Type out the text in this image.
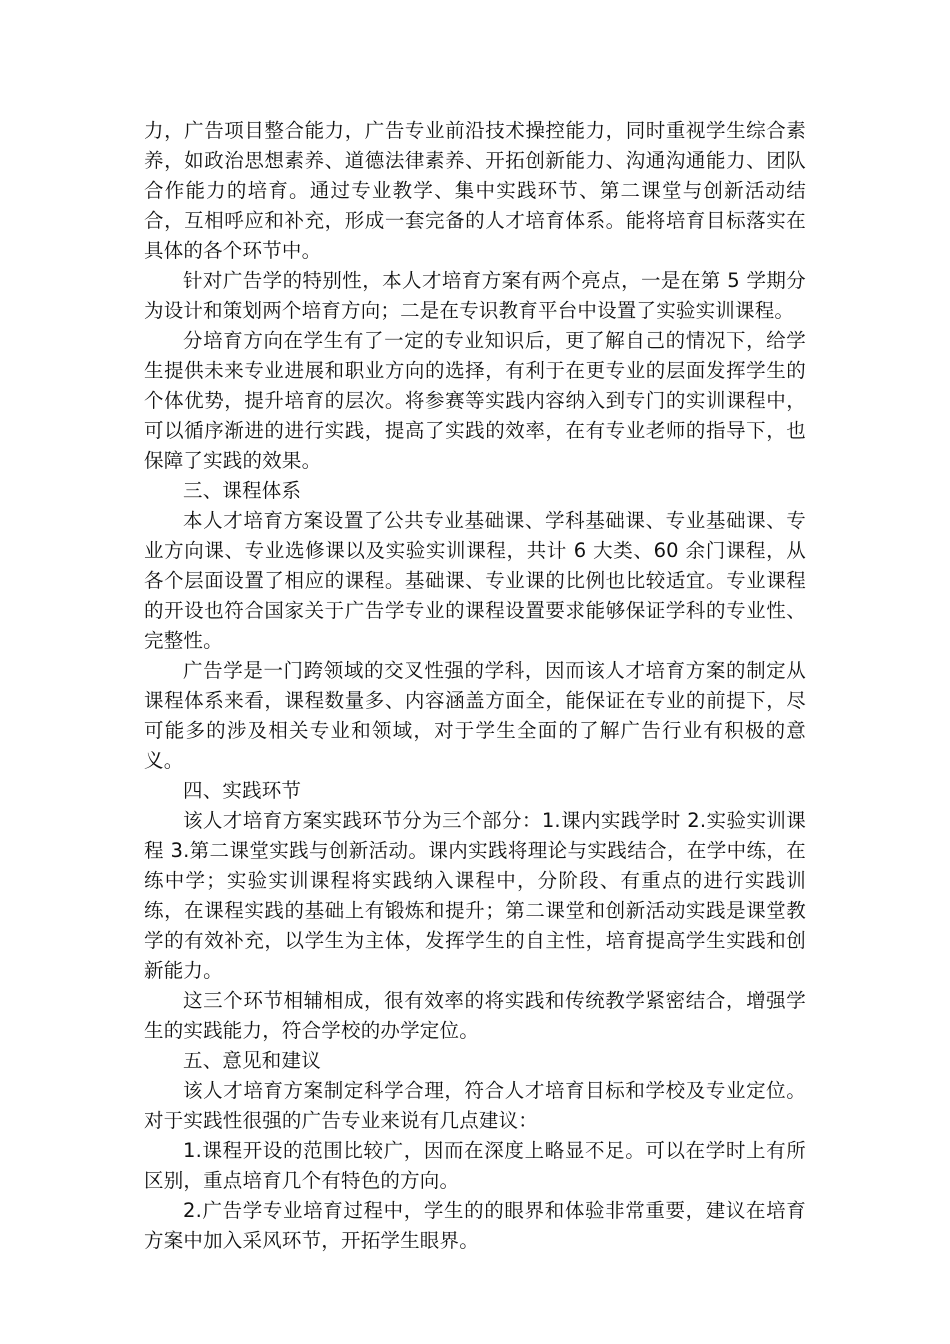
力，广告项目整合能力，广告专业前沿技术操控能力，同时重视学生综合素养，如政治思想素养、道德法律素养、开拓创新能力、沟通沟通能力、团队合作能力的培育。通过专业教学、集中实践环节、第二课堂与创新活动结合，互相呼应和补充，形成一套完备的人才培育体系。能将培育目标落实在具体的各个环节中。

针对广告学的特别性，本人才培育方案有两个亮点，一是在第 5 学期分为设计和策划两个培育方向；二是在专识教育平台中设置了实验实训课程。

分培育方向在学生有了一定的专业知识后，更了解自己的情况下，给学生提供未来专业进展和职业方向的选择，有利于在更专业的层面发挥学生的个体优势，提升培育的层次。将参赛等实践内容纳入到专门的实训课程中，可以循序渐进的进行实践，提高了实践的效率，在有专业老师的指导下，也保障了实践的效果。

三、课程体系

本人才培育方案设置了公共专业基础课、学科基础课、专业基础课、专业方向课、专业选修课以及实验实训课程，共计 6 大类、60 余门课程，从各个层面设置了相应的课程。基础课、专业课的比例也比较适宜。专业课程的开设也符合国家关于广告学专业的课程设置要求能够保证学科的专业性、完整性。

广告学是一门跨领域的交叉性强的学科，因而该人才培育方案的制定从课程体系来看，课程数量多、内容涵盖方面全，能保证在专业的前提下，尽可能多的涉及相关专业和领域，对于学生全面的了解广告行业有积极的意义。

四、实践环节

该人才培育方案实践环节分为三个部分：1.课内实践学时 2.实验实训课程 3.第二课堂实践与创新活动。课内实践将理论与实践结合，在学中练，在练中学；实验实训课程将实践纳入课程中，分阶段、有重点的进行实践训练，在课程实践的基础上有锻炼和提升；第二课堂和创新活动实践是课堂教学的有效补充，以学生为主体，发挥学生的自主性，培育提高学生实践和创新能力。

这三个环节相辅相成，很有效率的将实践和传统教学紧密结合，增强学生的实践能力，符合学校的办学定位。

五、意见和建议

该人才培育方案制定科学合理，符合人才培育目标和学校及专业定位。对于实践性很强的广告专业来说有几点建议：

1.课程开设的范围比较广，因而在深度上略显不足。可以在学时上有所区别，重点培育几个有特色的方向。

2.广告学专业培育过程中，学生的的眼界和体验非常重要，建议在培育方案中加入采风环节，开拓学生眼界。
